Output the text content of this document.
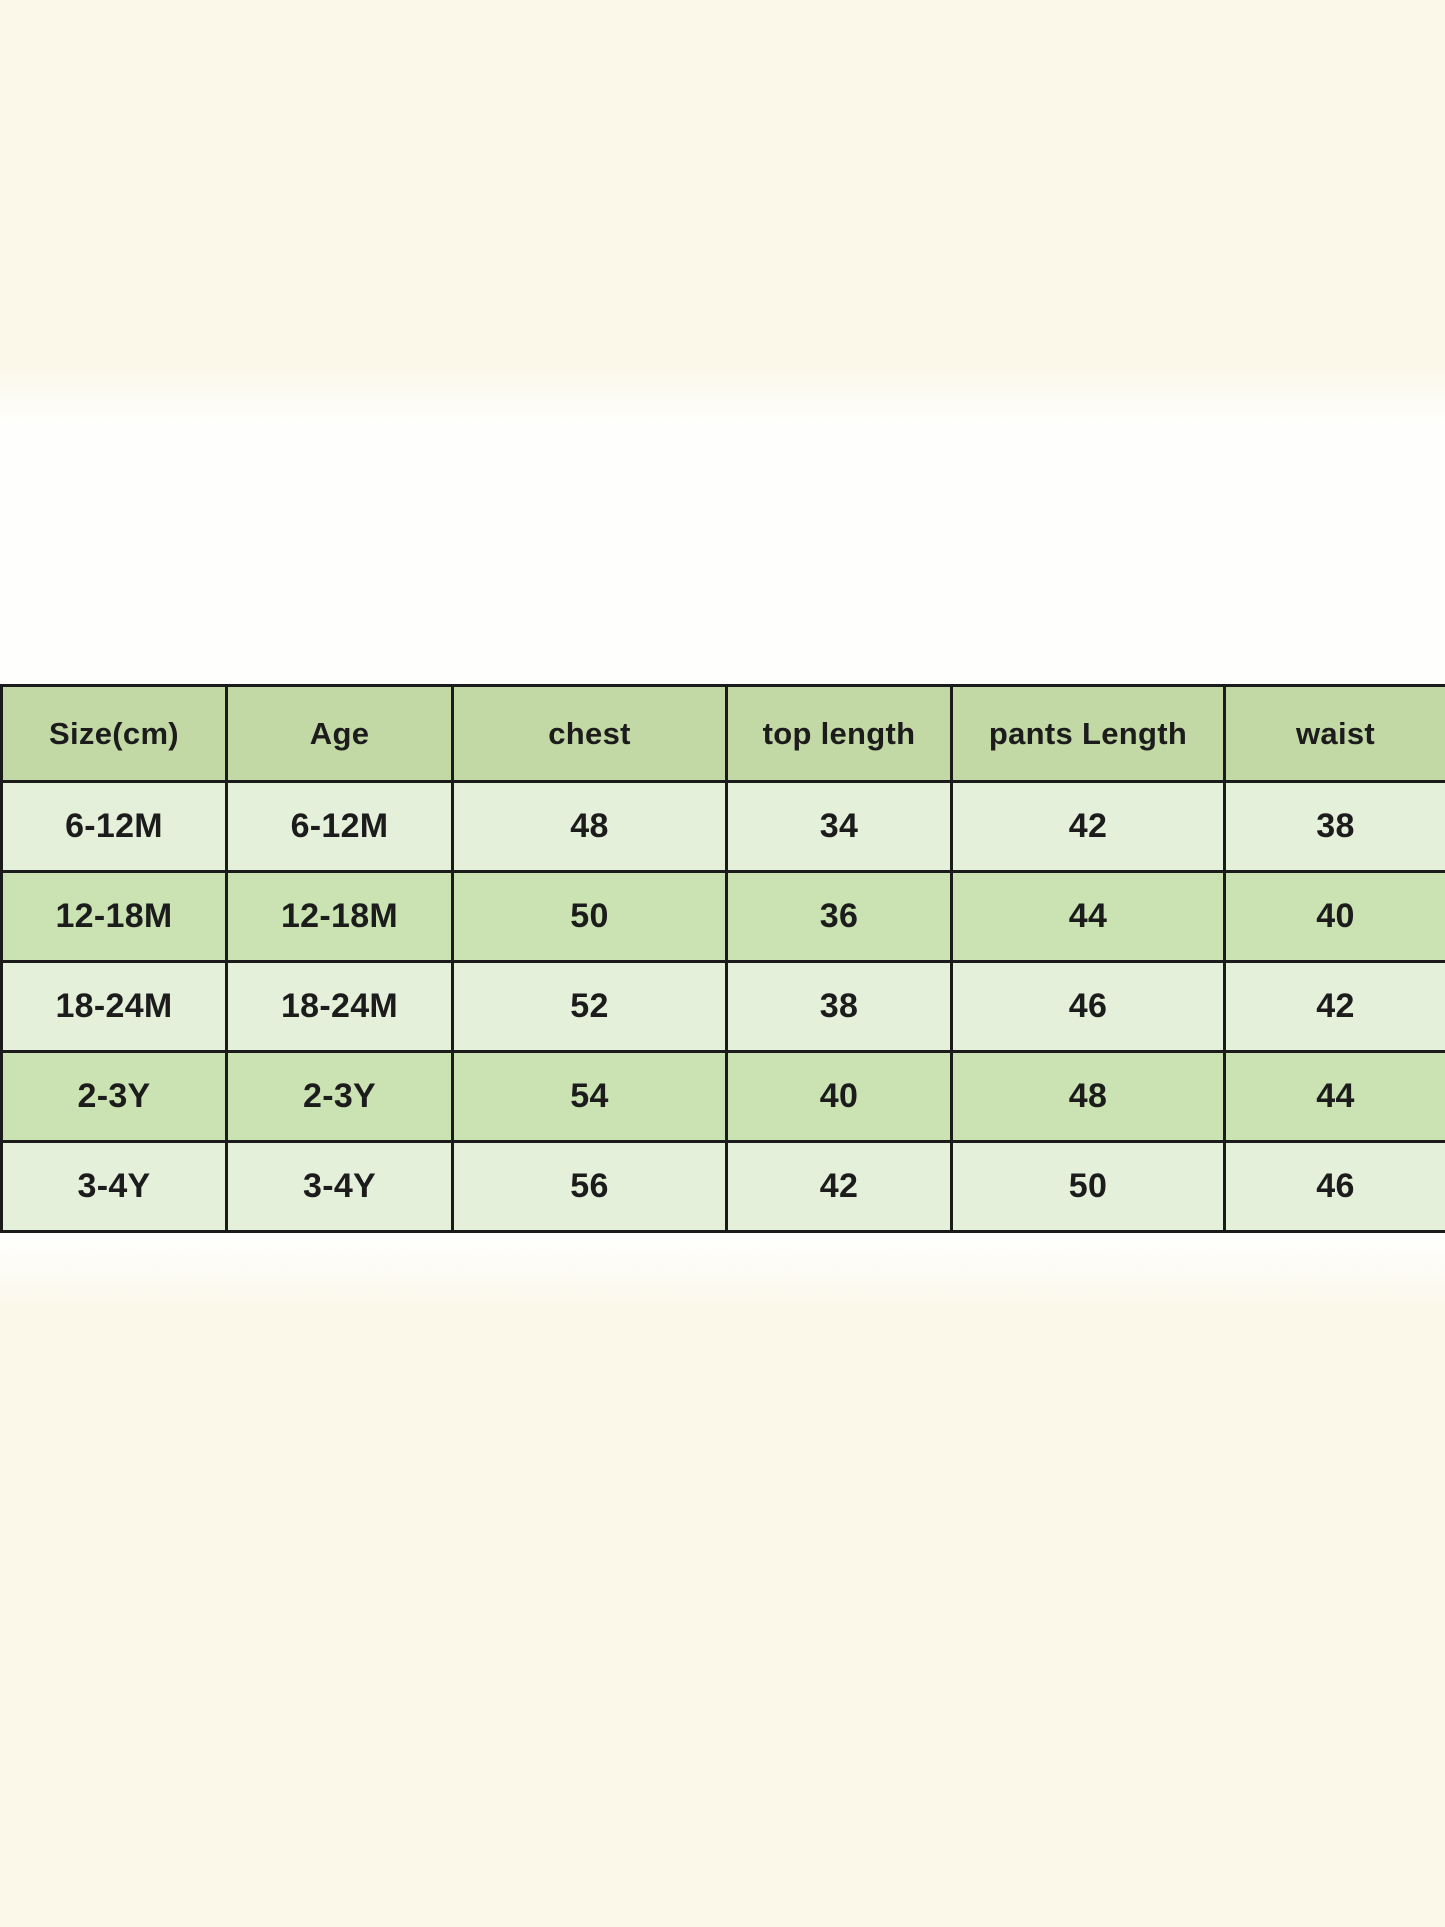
Size(cm)	Age	chest	top length	pants Length	waist
6-12M	6-12M	48	34	42	38
12-18M	12-18M	50	36	44	40
18-24M	18-24M	52	38	46	42
2-3Y	2-3Y	54	40	48	44
3-4Y	3-4Y	56	42	50	46
